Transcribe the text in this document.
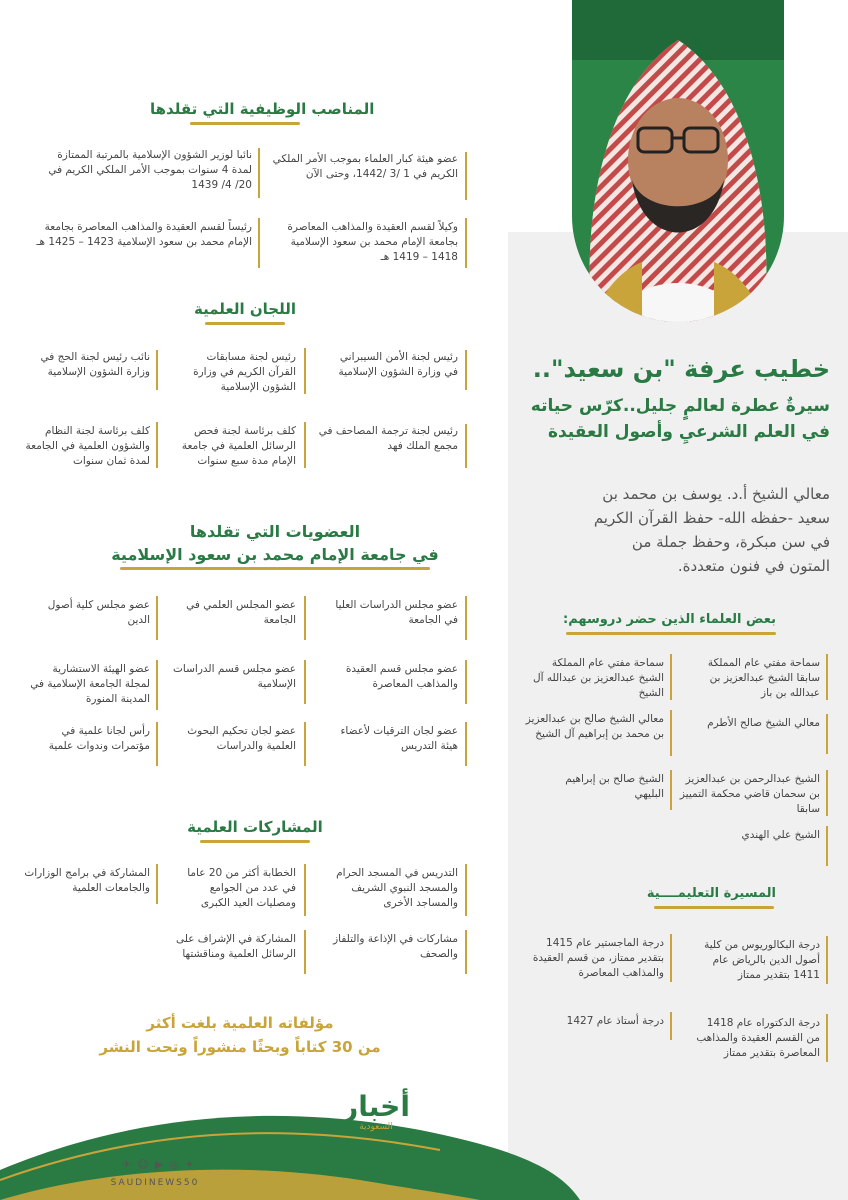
المناصب الوظيفية التي تقلدها
عضو هيئة كبار العلماء بموجب الأمر الملكي الكريم في 1 /3 /1442، وحتى الآن
نائبا لوزير الشؤون الإسلامية بالمرتبة الممتازة لمدة 4 سنوات بموجب الأمر الملكي الكريم في 20/ 4/ 1439
وكيلاً لقسم العقيدة والمذاهب المعاصرة بجامعة الإمام محمد بن سعود الإسلامية 1418 – 1419 هـ
رئيساً لقسم العقيدة والمذاهب المعاصرة بجامعة الإمام محمد بن سعود الإسلامية 1423 – 1425 هـ
اللجان العلمية
رئيس لجنة الأمن السيبراني في وزارة الشؤون الإسلامية
رئيس لجنة مسابقات القرآن الكريم في وزارة الشؤون الإسلامية
نائب رئيس لجنة الحج في وزارة الشؤون الإسلامية
رئيس لجنة ترجمة المصاحف في مجمع الملك فهد
كلف برئاسة لجنة فحص الرسائل العلمية في جامعة الإمام مدة سبع سنوات
كلف برئاسة لجنة النظام والشؤون العلمية في الجامعة لمدة ثمان سنوات
العضويات التي تقلدها
في جامعة الإمام محمد بن سعود الإسلامية
عضو مجلس الدراسات العليا في الجامعة
عضو المجلس العلمي في الجامعة
عضو مجلس كلية أصول الدين
عضو مجلس قسم العقيدة والمذاهب المعاصرة
عضو مجلس قسم الدراسات الإسلامية
عضو الهيئة الاستشارية لمجلة الجامعة الإسلامية في المدينة المنورة
عضو لجان الترقيات لأعضاء هيئة التدريس
عضو لجان تحكيم البحوث العلمية والدراسات
رأس لجانا علمية في مؤتمرات وندوات علمية
المشاركات العلمية
التدريس في المسجد الحرام والمسجد النبوي الشريف والمساجد الأخرى
الخطابة أكثر من 20 عاما في عدد من الجوامع ومصليات العيد الكبرى
المشاركة في برامج الوزارات والجامعات العلمية
مشاركات في الإذاعة والتلفاز والصحف
المشاركة في الإشراف على الرسائل العلمية ومناقشتها
مؤلفاته العلمية بلغت أكثر
من 30 كتاباً وبحثًا منشوراً وتحت النشر
خطيب عرفة "بن سعيد"..
سيرةٌ عطرة لعالمٍ جليل..كرّس حياته
في العلم الشرعيِ وأصول العقيدة
معالي الشيخ أ.د. يوسف بن محمد بن
سعيد -حفظه الله- حفظ القرآن الكريم
في سن مبكرة، وحفظ جملة من
المتون في فنون متعددة.
بعض العلماء الذين حضر دروسهم:
سماحة مفتي عام المملكة سابقا الشيخ عبدالعزيز بن عبدالله بن باز
سماحة مفتي عام المملكة الشيخ عبدالعزيز بن عبدالله آل الشيخ
معالي الشيخ صالح الأطرم
معالي الشيخ صالح بن عبدالعزيز بن محمد بن إبراهيم آل الشيخ
الشيخ عبدالرحمن بن عبدالعزيز بن سحمان قاضي محكمة التمييز سابقا
الشيخ صالح بن إبراهيم البليهي
الشيخ علي الهندي
المسيرة التعليمــــية
درجة البكالوريوس من كلية أصول الدين بالرياض عام 1411 بتقدير ممتاز
درجة الماجستير عام 1415 بتقدير ممتاز، من قسم العقيدة والمذاهب المعاصرة
درجة الدكتوراه عام 1418 من القسم العقيدة والمذاهب المعاصرة بتقدير ممتاز
درجة أستاذ عام 1427
أخبار
السعودية
✈ ☺ ▶ ◎ ✦
SAUDINEWS50
